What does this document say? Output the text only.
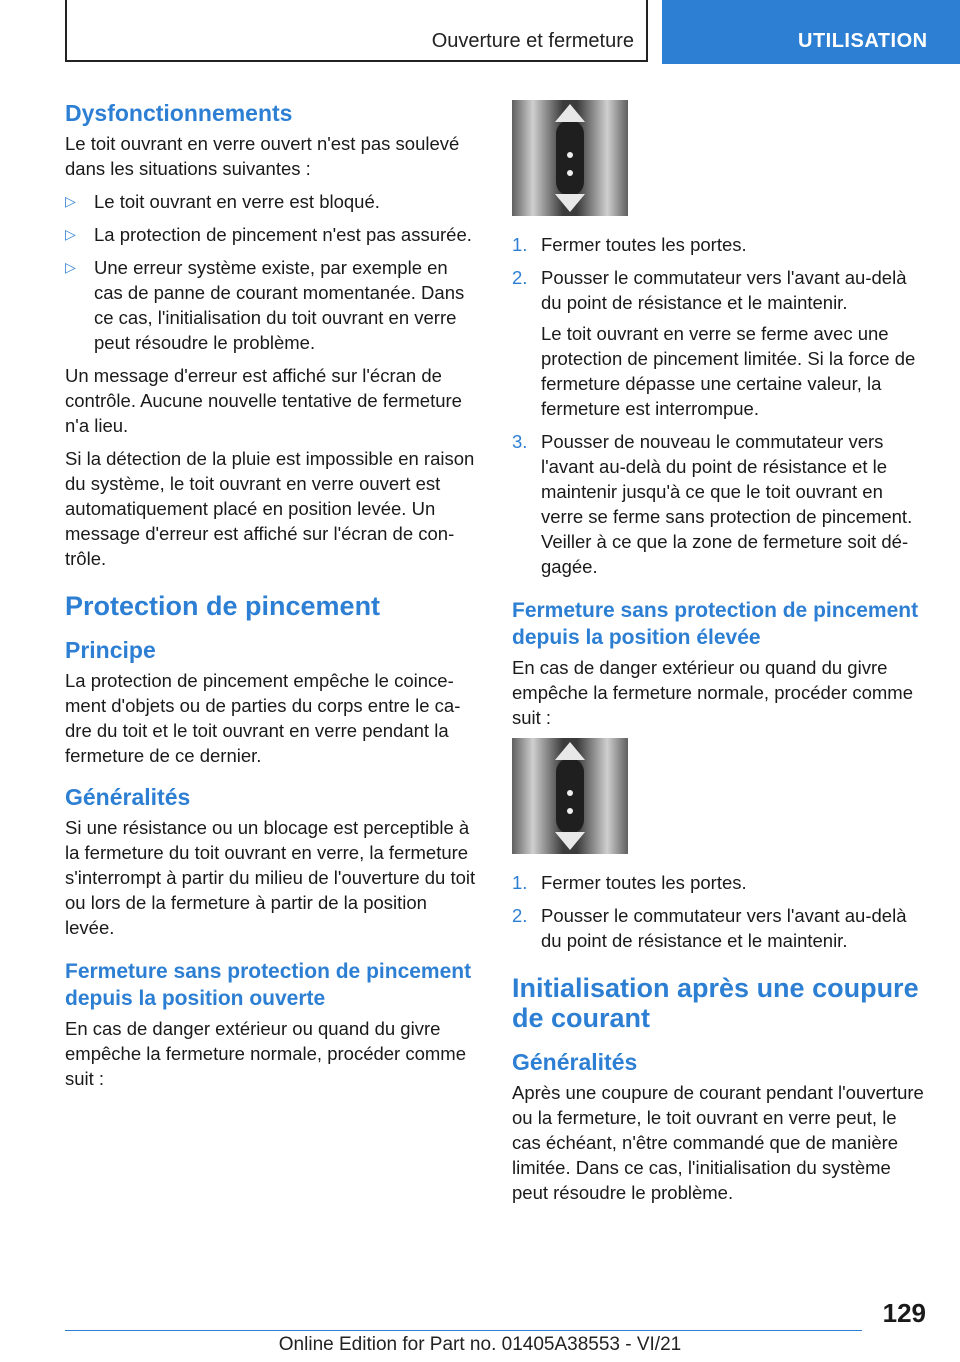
Ouverture et fermeture	UTILISATION
Dysfonctionnements

Le toit ouvrant en verre ouvert n'est pas soulevé dans les situations suivantes :

▷ Le toit ouvrant en verre est bloqué.
▷ La protection de pincement n'est pas assurée.
▷ Une erreur système existe, par exemple en cas de panne de courant momentanée. Dans ce cas, l'initialisation du toit ouvrant en verre peut résoudre le problème.

Un message d'erreur est affiché sur l'écran de contrôle. Aucune nouvelle tentative de fermeture n'a lieu.

Si la détection de la pluie est impossible en raison du système, le toit ouvrant en verre ouvert est automatiquement placé en position levée. Un message d'erreur est affiché sur l'écran de contrôle.

Protection de pincement
Principe

La protection de pincement empêche le coincement d'objets ou de parties du corps entre le cadre du toit et le toit ouvrant en verre pendant la fermeture de ce dernier.

Généralités

Si une résistance ou un blocage est perceptible à la fermeture du toit ouvrant en verre, la fermeture s'interrompt à partir du milieu de l'ouverture du toit ou lors de la fermeture à partir de la position levée.

Fermeture sans protection de pincement depuis la position ouverte

En cas de danger extérieur ou quand du givre empêche la fermeture normale, procéder comme suit :

1. Fermer toutes les portes.
2. Pousser le commutateur vers l'avant au-delà du point de résistance et le maintenir.

Le toit ouvrant en verre se ferme avec une protection de pincement limitée. Si la force de fermeture dépasse une certaine valeur, la fermeture est interrompue.

3. Pousser de nouveau le commutateur vers l'avant au-delà du point de résistance et le maintenir jusqu'à ce que le toit ouvrant en verre se ferme sans protection de pincement. Veiller à ce que la zone de fermeture soit dégagée.
Fermeture sans protection de pincement depuis la position élevée

En cas de danger extérieur ou quand du givre empêche la fermeture normale, procéder comme suit :

1. Fermer toutes les portes.
2. Pousser le commutateur vers l'avant au-delà du point de résistance et le maintenir.
Initialisation après une coupure de courant
Généralités

Après une coupure de courant pendant l'ouverture ou la fermeture, le toit ouvrant en verre peut, le cas échéant, n'être commandé que de manière limitée. Dans ce cas, l'initialisation du système peut résoudre le problème.

129
Online Edition for Part no. 01405A38553 - VI/21
